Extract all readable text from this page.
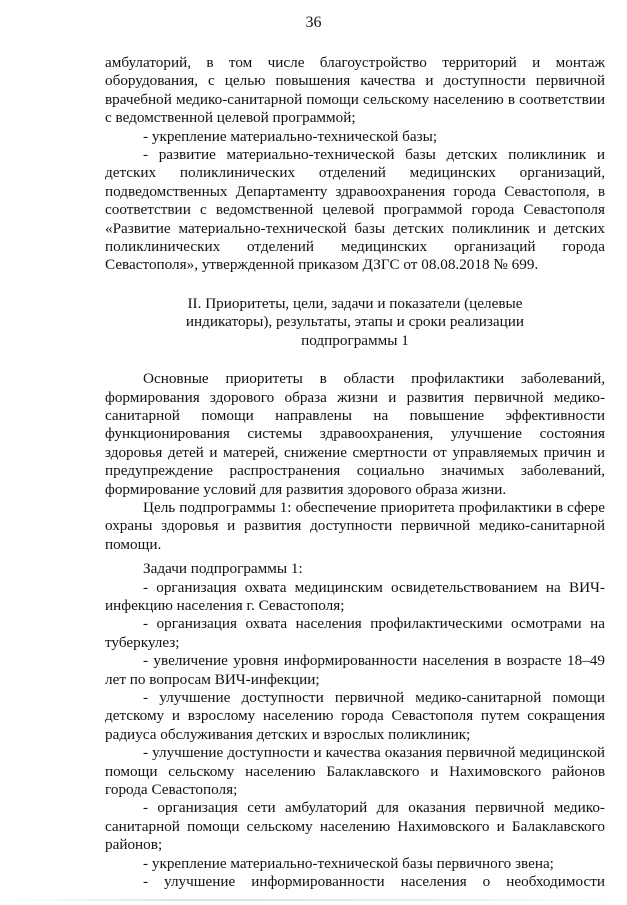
36

амбулаторий, в том числе благоустройство территорий и монтаж оборудования, с целью повышения качества и доступности первичной врачебной медико-санитарной помощи сельскому населению в соответствии с ведомственной целевой программой;

- укрепление материально-технической базы;

- развитие материально-технической базы детских поликлиник и детских поликлинических отделений медицинских организаций, подведомственных Департаменту здравоохранения города Севастополя, в соответствии с ведомственной целевой программой города Севастополя «Развитие материально-технической базы детских поликлиник и детских поликлинических отделений медицинских организаций города Севастополя», утвержденной приказом ДЗГС от 08.08.2018 № 699.

II. Приоритеты, цели, задачи и показатели (целевые

индикаторы), результаты, этапы и сроки реализации

подпрограммы 1

Основные приоритеты в области профилактики заболеваний, формирования здорового образа жизни и развития первичной медико-санитарной помощи направлены на повышение эффективности функционирования системы здравоохранения, улучшение состояния здоровья детей и матерей, снижение смертности от управляемых причин и предупреждение распространения социально значимых заболеваний, формирование условий для развития здорового образа жизни.

Цель подпрограммы 1: обеспечение приоритета профилактики в сфере охраны здоровья и развития доступности первичной медико-санитарной помощи.

Задачи подпрограммы 1:

- организация охвата медицинским освидетельствованием на ВИЧ-инфекцию населения г. Севастополя;

- организация охвата населения профилактическими осмотрами на туберкулез;

- увеличение уровня информированности населения в возрасте 18–49 лет по вопросам ВИЧ-инфекции;

- улучшение доступности первичной медико-санитарной помощи детскому и взрослому населению города Севастополя путем сокращения радиуса обслуживания детских и взрослых поликлиник;

- улучшение доступности и качества оказания первичной медицинской помощи сельскому населению Балаклавского и Нахимовского районов города Севастополя;

- организация сети амбулаторий для оказания первичной медико-санитарной помощи сельскому населению Нахимовского и Балаклавского районов;

- укрепление материально-технической базы первичного звена;

- улучшение информированности населения о необходимости
